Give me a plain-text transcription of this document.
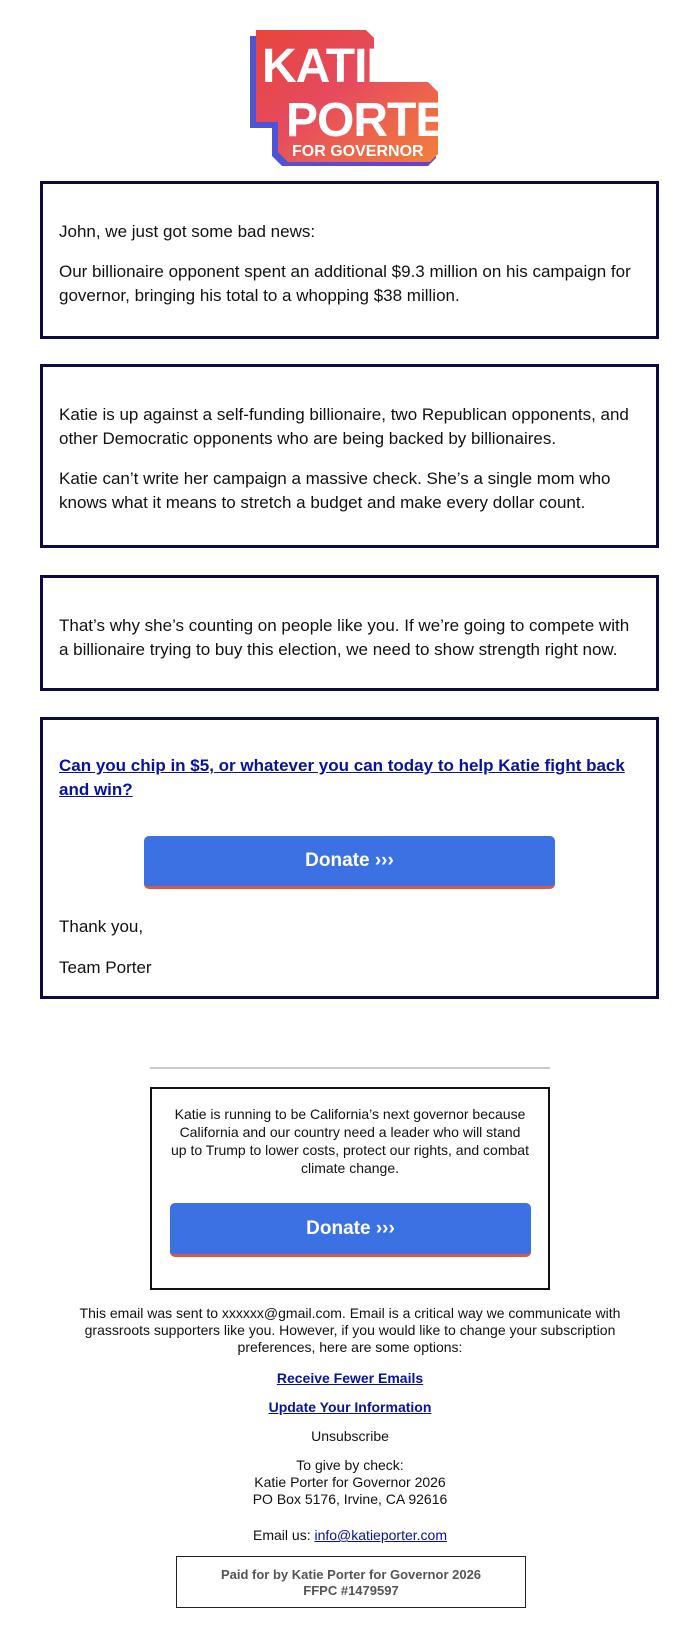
KATIE
PORTER
FOR GOVERNOR

John, we just got some bad news:

Our billionaire opponent spent an additional $9.3 million on his campaign for governor, bringing his total to a whopping $38 million.

Katie is up against a self-funding billionaire, two Republican opponents, and other Democratic opponents who are being backed by billionaires.

Katie can’t write her campaign a massive check. She’s a single mom who knows what it means to stretch a budget and make every dollar count.

That’s why she’s counting on people like you. If we’re going to compete with a billionaire trying to buy this election, we need to show strength right now.

Can you chip in $5, or whatever you can today to help Katie fight back and win?
Donate ›››

Thank you,

Team Porter

Katie is running to be California’s next governor because California and our country need a leader who will stand up to Trump to lower costs, protect our rights, and combat climate change.
Donate ›››
This email was sent to xxxxxx@gmail.com. Email is a critical way we communicate with grassroots supporters like you. However, if you would like to change your subscription preferences, here are some options:
Receive Fewer Emails
Update Your Information
Unsubscribe
To give by check:
Katie Porter for Governor 2026
PO Box 5176, Irvine, CA 92616
Email us: info@katieporter.com
Paid for by Katie Porter for Governor 2026
FFPC #1479597
